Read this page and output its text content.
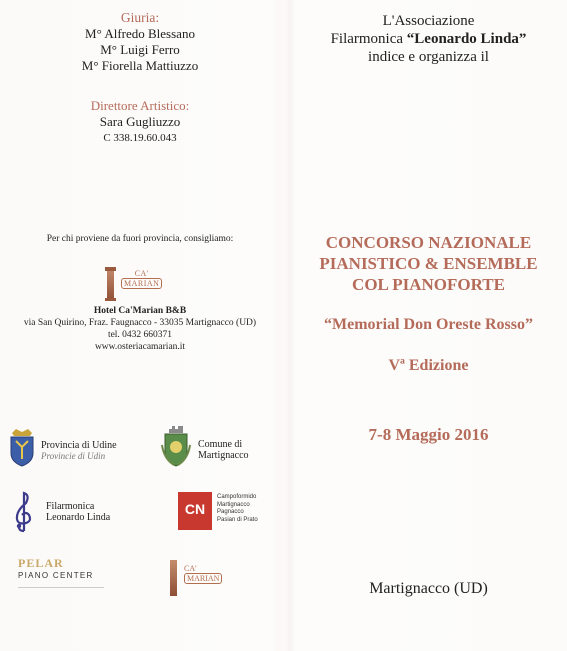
Giuria:
M° Alfredo Blessano
M° Luigi Ferro
M° Fiorella Mattiuzzo
Direttore Artistico:
Sara Gugliuzzo
C 338.19.60.043
Per chi proviene da fuori provincia, consigliamo:
CA'
MARIAN
Hotel Ca'Marian B&B
via San Quirino, Fraz. Faugnacco - 33035 Martignacco (UD)
tel. 0432 660371
www.osteriacamarian.it
Provincia di Udine
Provincie di Udin
Comune di
Martignacco
Filarmonica
Leonardo Linda
CN
Campoformido
Martignacco
Pagnacco
Pasian di Prato
PELAR
PIANO CENTER
CA'
MARIAN
L'Associazione
Filarmonica “Leonardo Linda”
indice e organizza il
CONCORSO NAZIONALE
PIANISTICO & ENSEMBLE
COL PIANOFORTE
“Memorial Don Oreste Rosso”
Vª Edizione
7-8 Maggio 2016
Martignacco (UD)
